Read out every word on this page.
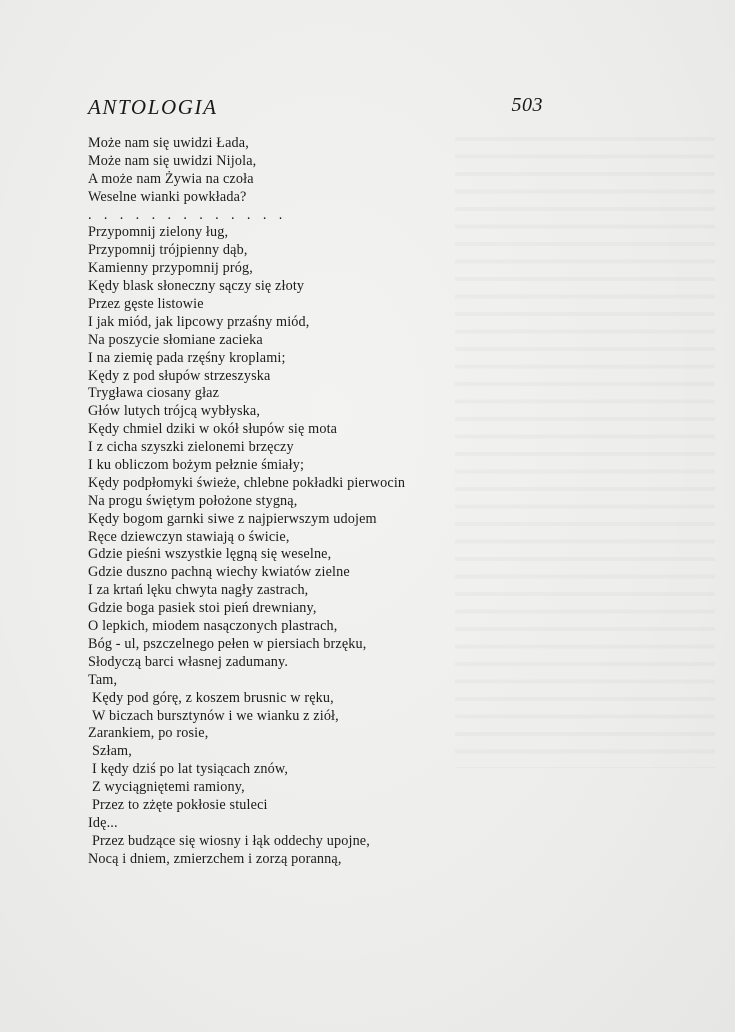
ANTOLOGIA	503
Może nam się uwidzi Łada,
Może nam się uwidzi Nijola,
A może nam Żywia na czoła
Weselne wianki powkłada?
. . . . . . . . . . . . .
Przypomnij zielony ług,
Przypomnij trójpienny dąb,
Kamienny przypomnij próg,
Kędy blask słoneczny sączy się złoty
Przez gęste listowie
I jak miód, jak lipcowy przaśny miód,
Na poszycie słomiane zacieka
I na ziemię pada rzęśny kroplami;
Kędy z pod słupów strzeszyska
Trygława ciosany głaz
Głów lutych trójcą wybłyska,
Kędy chmiel dziki w okół słupów się mota
I z cicha szyszki zielonemi brzęczy
I ku obliczom bożym pełznie śmiały;
Kędy podpłomyki świeże, chlebne pokładki pierwocin
Na progu świętym położone stygną,
Kędy bogom garnki siwe z najpierwszym udojem
Ręce dziewczyn stawiają o świcie,
Gdzie pieśni wszystkie lęgną się weselne,
Gdzie duszno pachną wiechy kwiatów zielne
I za krtań lęku chwyta nagły zastrach,
Gdzie boga pasiek stoi pień drewniany,
O lepkich, miodem nasączonych plastrach,
Bóg - ul, pszczelnego pełen w piersiach brzęku,
Słodyczą barci własnej zadumany.
Tam,
Kędy pod górę, z koszem brusnic w ręku,
W biczach bursztynów i we wianku z ziół,
Zarankiem, po rosie,
Szłam,
I kędy dziś po lat tysiącach znów,
Z wyciągniętemi ramiony,
Przez to zżęte pokłosie stuleci
Idę...
Przez budzące się wiosny i łąk oddechy upojne,
Nocą i dniem, zmierzchem i zorzą poranną,
